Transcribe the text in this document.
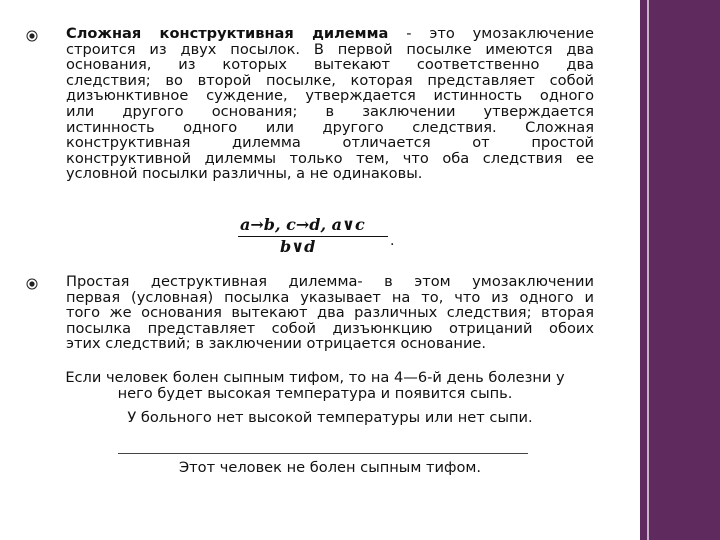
Сложная конструктивная дилемма - это умозаключение
строится из двух посылок. В первой посылке имеются два
основания, из которых вытекают соответственно два
следствия; во второй посылке, которая представляет собой
дизъюнктивное суждение, утверждается истинность одного
или другого основания; в заключении утверждается
истинность одного или другого следствия. Сложная
конструктивная дилемма отличается от простой
конструктивной дилеммы только тем, что оба следствия ее
условной посылки различны, а не одинаковы.

a→b, c→d, a∨c
b∨d	.

Простая деструктивная дилемма- в этом умозаключении
первая (условная) посылка указывает на то, что из одного и
того же основания вытекают два различных следствия; вторая
посылка представляет собой дизъюнкцию отрицаний обоих
этих следствий; в заключении отрицается основание.

Если человек болен сыпным тифом, то на 4—6-й день болезни у
него будет высокая температура и появится сыпь.
У больного нет высокой температуры или нет сыпи.
Этот человек не болен сыпным тифом.
